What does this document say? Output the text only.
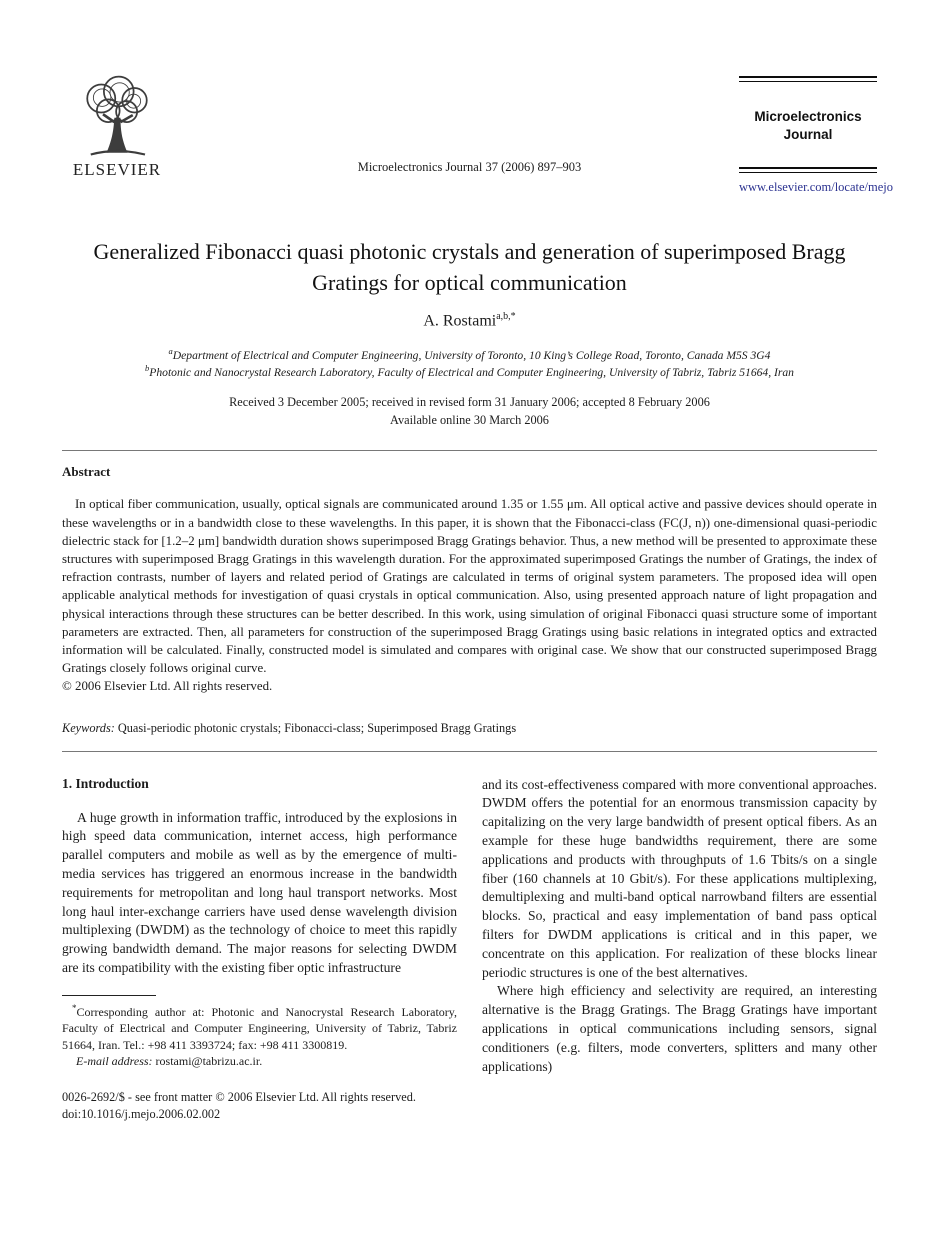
ELSEVIER	Microelectronics Journal 37 (2006) 897–903
Microelectronics Journal
www.elsevier.com/locate/mejo
Generalized Fibonacci quasi photonic crystals and generation of superimposed Bragg Gratings for optical communication
A. Rostami$^{a,b,*}$
$^a$Department of Electrical and Computer Engineering, University of Toronto, 10 King’s College Road, Toronto, Canada M5S 3G4
$^b$Photonic and Nanocrystal Research Laboratory, Faculty of Electrical and Computer Engineering, University of Tabriz, Tabriz 51664, Iran
Received 3 December 2005; received in revised form 31 January 2006; accepted 8 February 2006
Available online 30 March 2006
Abstract

In optical fiber communication, usually, optical signals are communicated around 1.35 or 1.55 μm. All optical active and passive devices should operate in these wavelengths or in a bandwidth close to these wavelengths. In this paper, it is shown that the Fibonacci-class (FC(J, n)) one-dimensional quasi-periodic dielectric stack for [1.2–2 μm] bandwidth duration shows superimposed Bragg Gratings behavior. Thus, a new method will be presented to approximate these structures with superimposed Bragg Gratings in this wavelength duration. For the approximated superimposed Gratings the number of Gratings, the index of refraction contrasts, number of layers and related period of Gratings are calculated in terms of original system parameters. The proposed idea will open applicable analytical methods for investigation of quasi crystals in optical communication. Also, using presented approach nature of light propagation and physical interactions through these structures can be better described. In this work, using simulation of original Fibonacci quasi structure some of important parameters are extracted. Then, all parameters for construction of the superimposed Bragg Gratings using basic relations in integrated optics and extracted information will be calculated. Finally, constructed model is simulated and compares with original case. We show that our constructed superimposed Bragg Gratings closely follows original curve.

© 2006 Elsevier Ltd. All rights reserved.
Keywords: Quasi-periodic photonic crystals; Fibonacci-class; Superimposed Bragg Gratings
1. Introduction

A huge growth in information traffic, introduced by the explosions in high speed data communication, internet access, high performance parallel computers and mobile as well as by the emergence of multi-media services has triggered an enormous increase in the bandwidth requirements for metropolitan and long haul transport networks. Most long haul inter-exchange carriers have used dense wavelength division multiplexing (DWDM) as the technology of choice to meet this rapidly growing bandwidth demand. The major reasons for selecting DWDM are its compatibility with the existing fiber optic infrastructure

*Corresponding author at: Photonic and Nanocrystal Research Laboratory, Faculty of Electrical and Computer Engineering, University of Tabriz, Tabriz 51664, Iran. Tel.: +98 411 3393724; fax: +98 411 3300819.

E-mail address: rostami@tabrizu.ac.ir.

0026-2692/$ - see front matter © 2006 Elsevier Ltd. All rights reserved.
doi:10.1016/j.mejo.2006.02.002

and its cost-effectiveness compared with more conventional approaches. DWDM offers the potential for an enormous transmission capacity by capitalizing on the very large bandwidth of present optical fibers. As an example for these huge bandwidths requirement, there are some applications and products with throughputs of 1.6 Tbits/s on a single fiber (160 channels at 10 Gbit/s). For these applications multiplexing, demultiplexing and multi-band optical narrowband filters are essential blocks. So, practical and easy implementation of band pass optical filters for DWDM applications is critical and in this paper, we concentrate on this application. For realization of these blocks linear periodic structures is one of the best alternatives.

Where high efficiency and selectivity are required, an interesting alternative is the Bragg Gratings. The Bragg Gratings have important applications in optical communications including sensors, signal conditioners (e.g. filters, mode converters, splitters and many other applications)
